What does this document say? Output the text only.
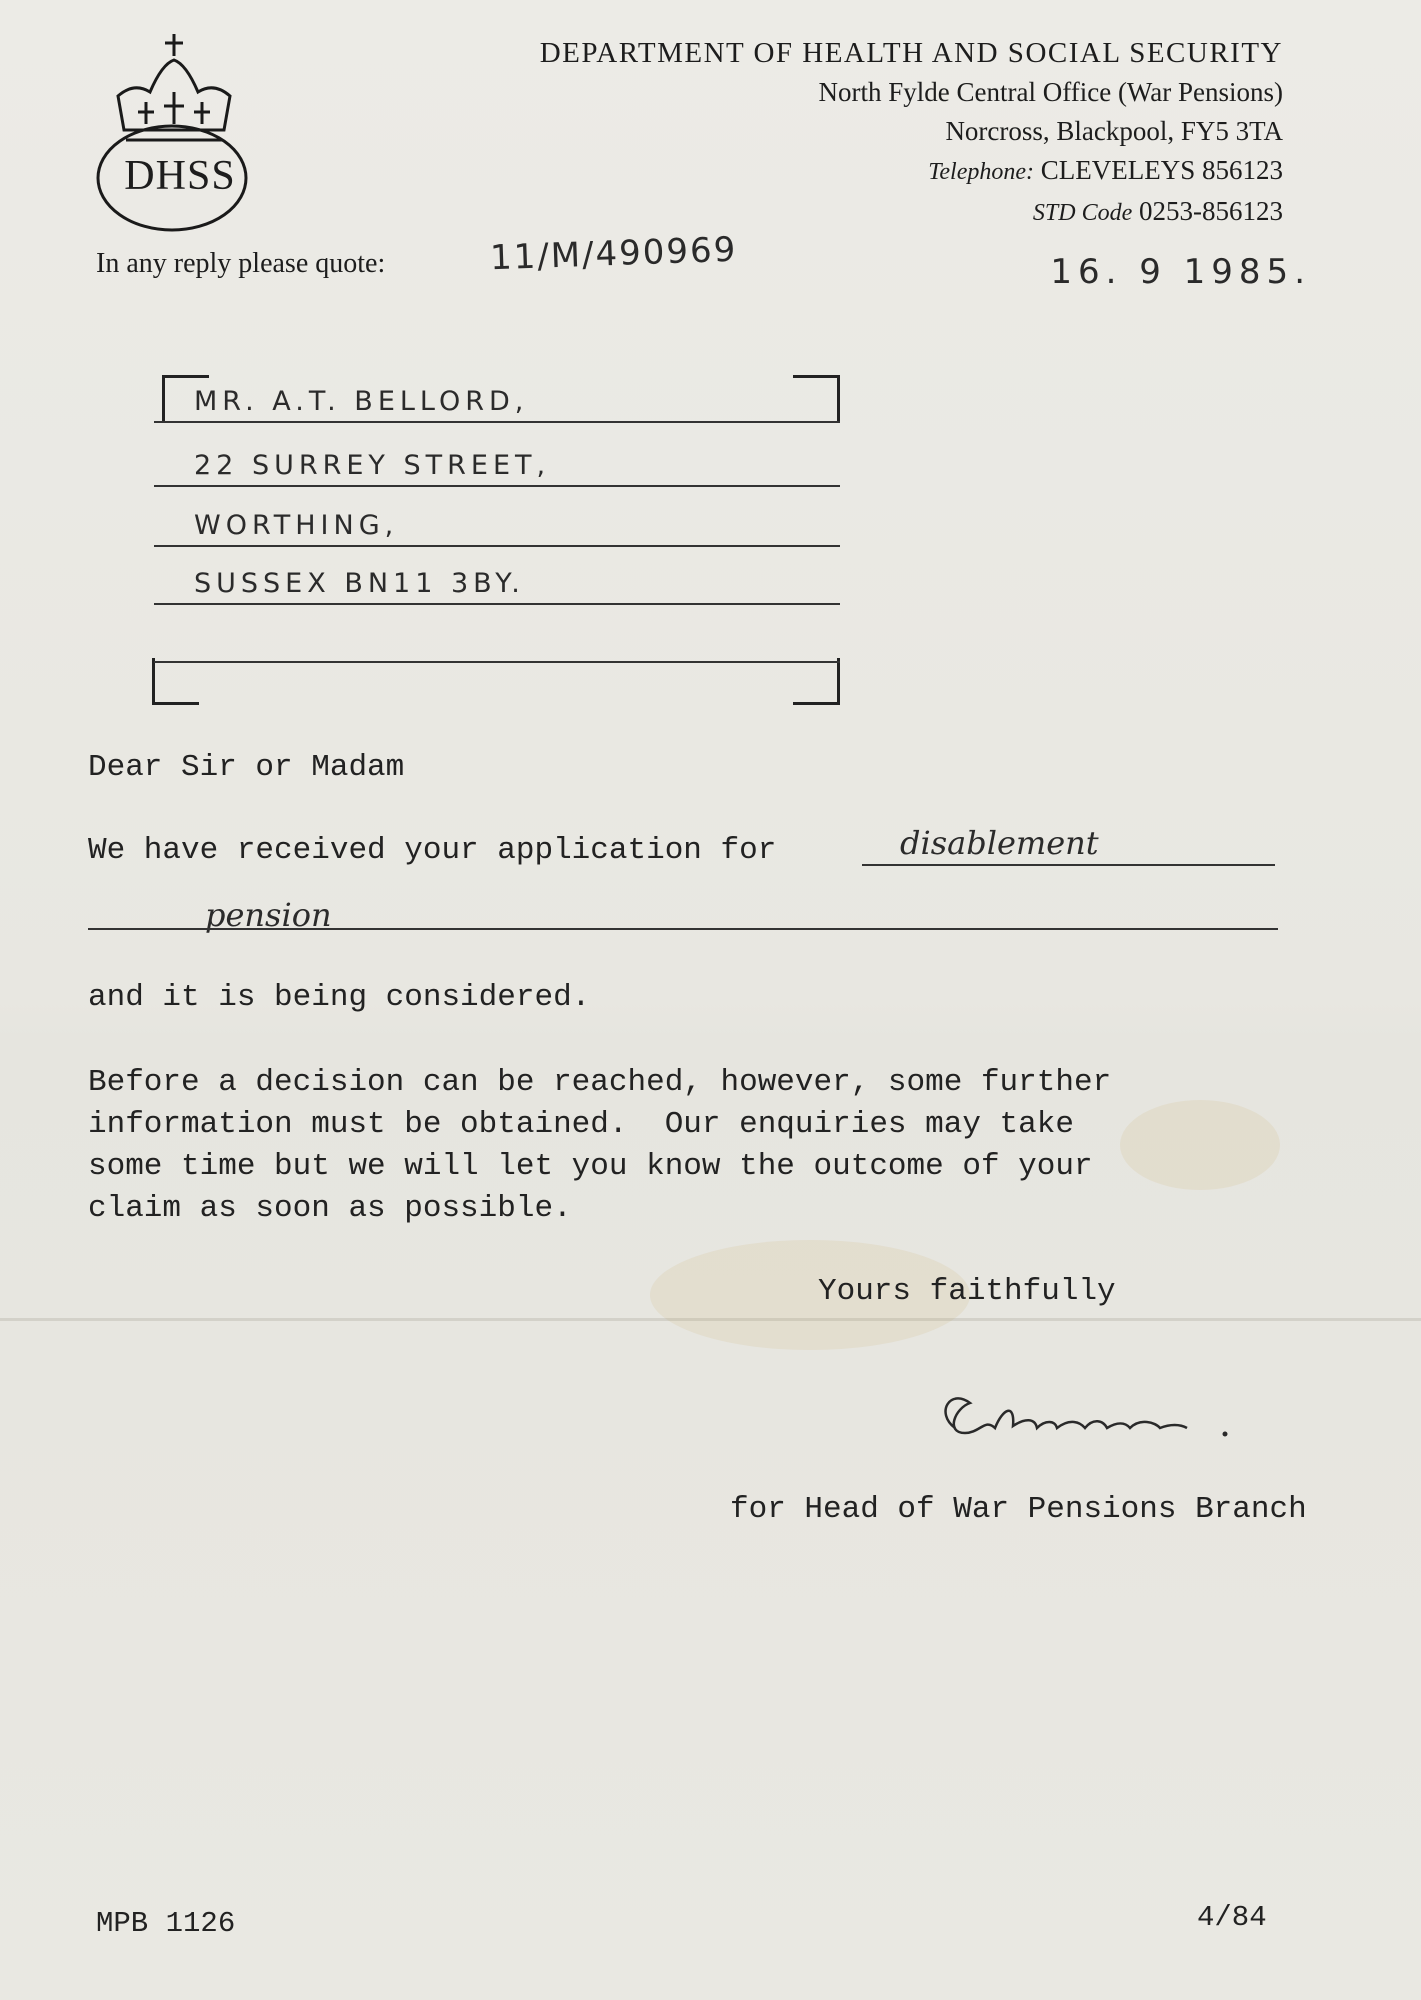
DHSS
DEPARTMENT OF HEALTH AND SOCIAL SECURITY
North Fylde Central Office (War Pensions)
Norcross, Blackpool, FY5 3TA
Telephone: CLEVELEYS 856123
STD Code 0253-856123
In any reply please quote:	11/M/490969	16. 9 1985.
MR. A.T. BELLORD,
22 SURREY STREET,
WORTHING,
SUSSEX BN11 3BY.
Dear Sir or Madam
We have received your application for	disablement
pension
and it is being considered.
Before a decision can be reached, however, some further
information must be obtained.  Our enquiries may take
some time but we will let you know the outcome of your
claim as soon as possible.
Yours faithfully

for Head of War Pensions Branch
MPB 1126	4/84
